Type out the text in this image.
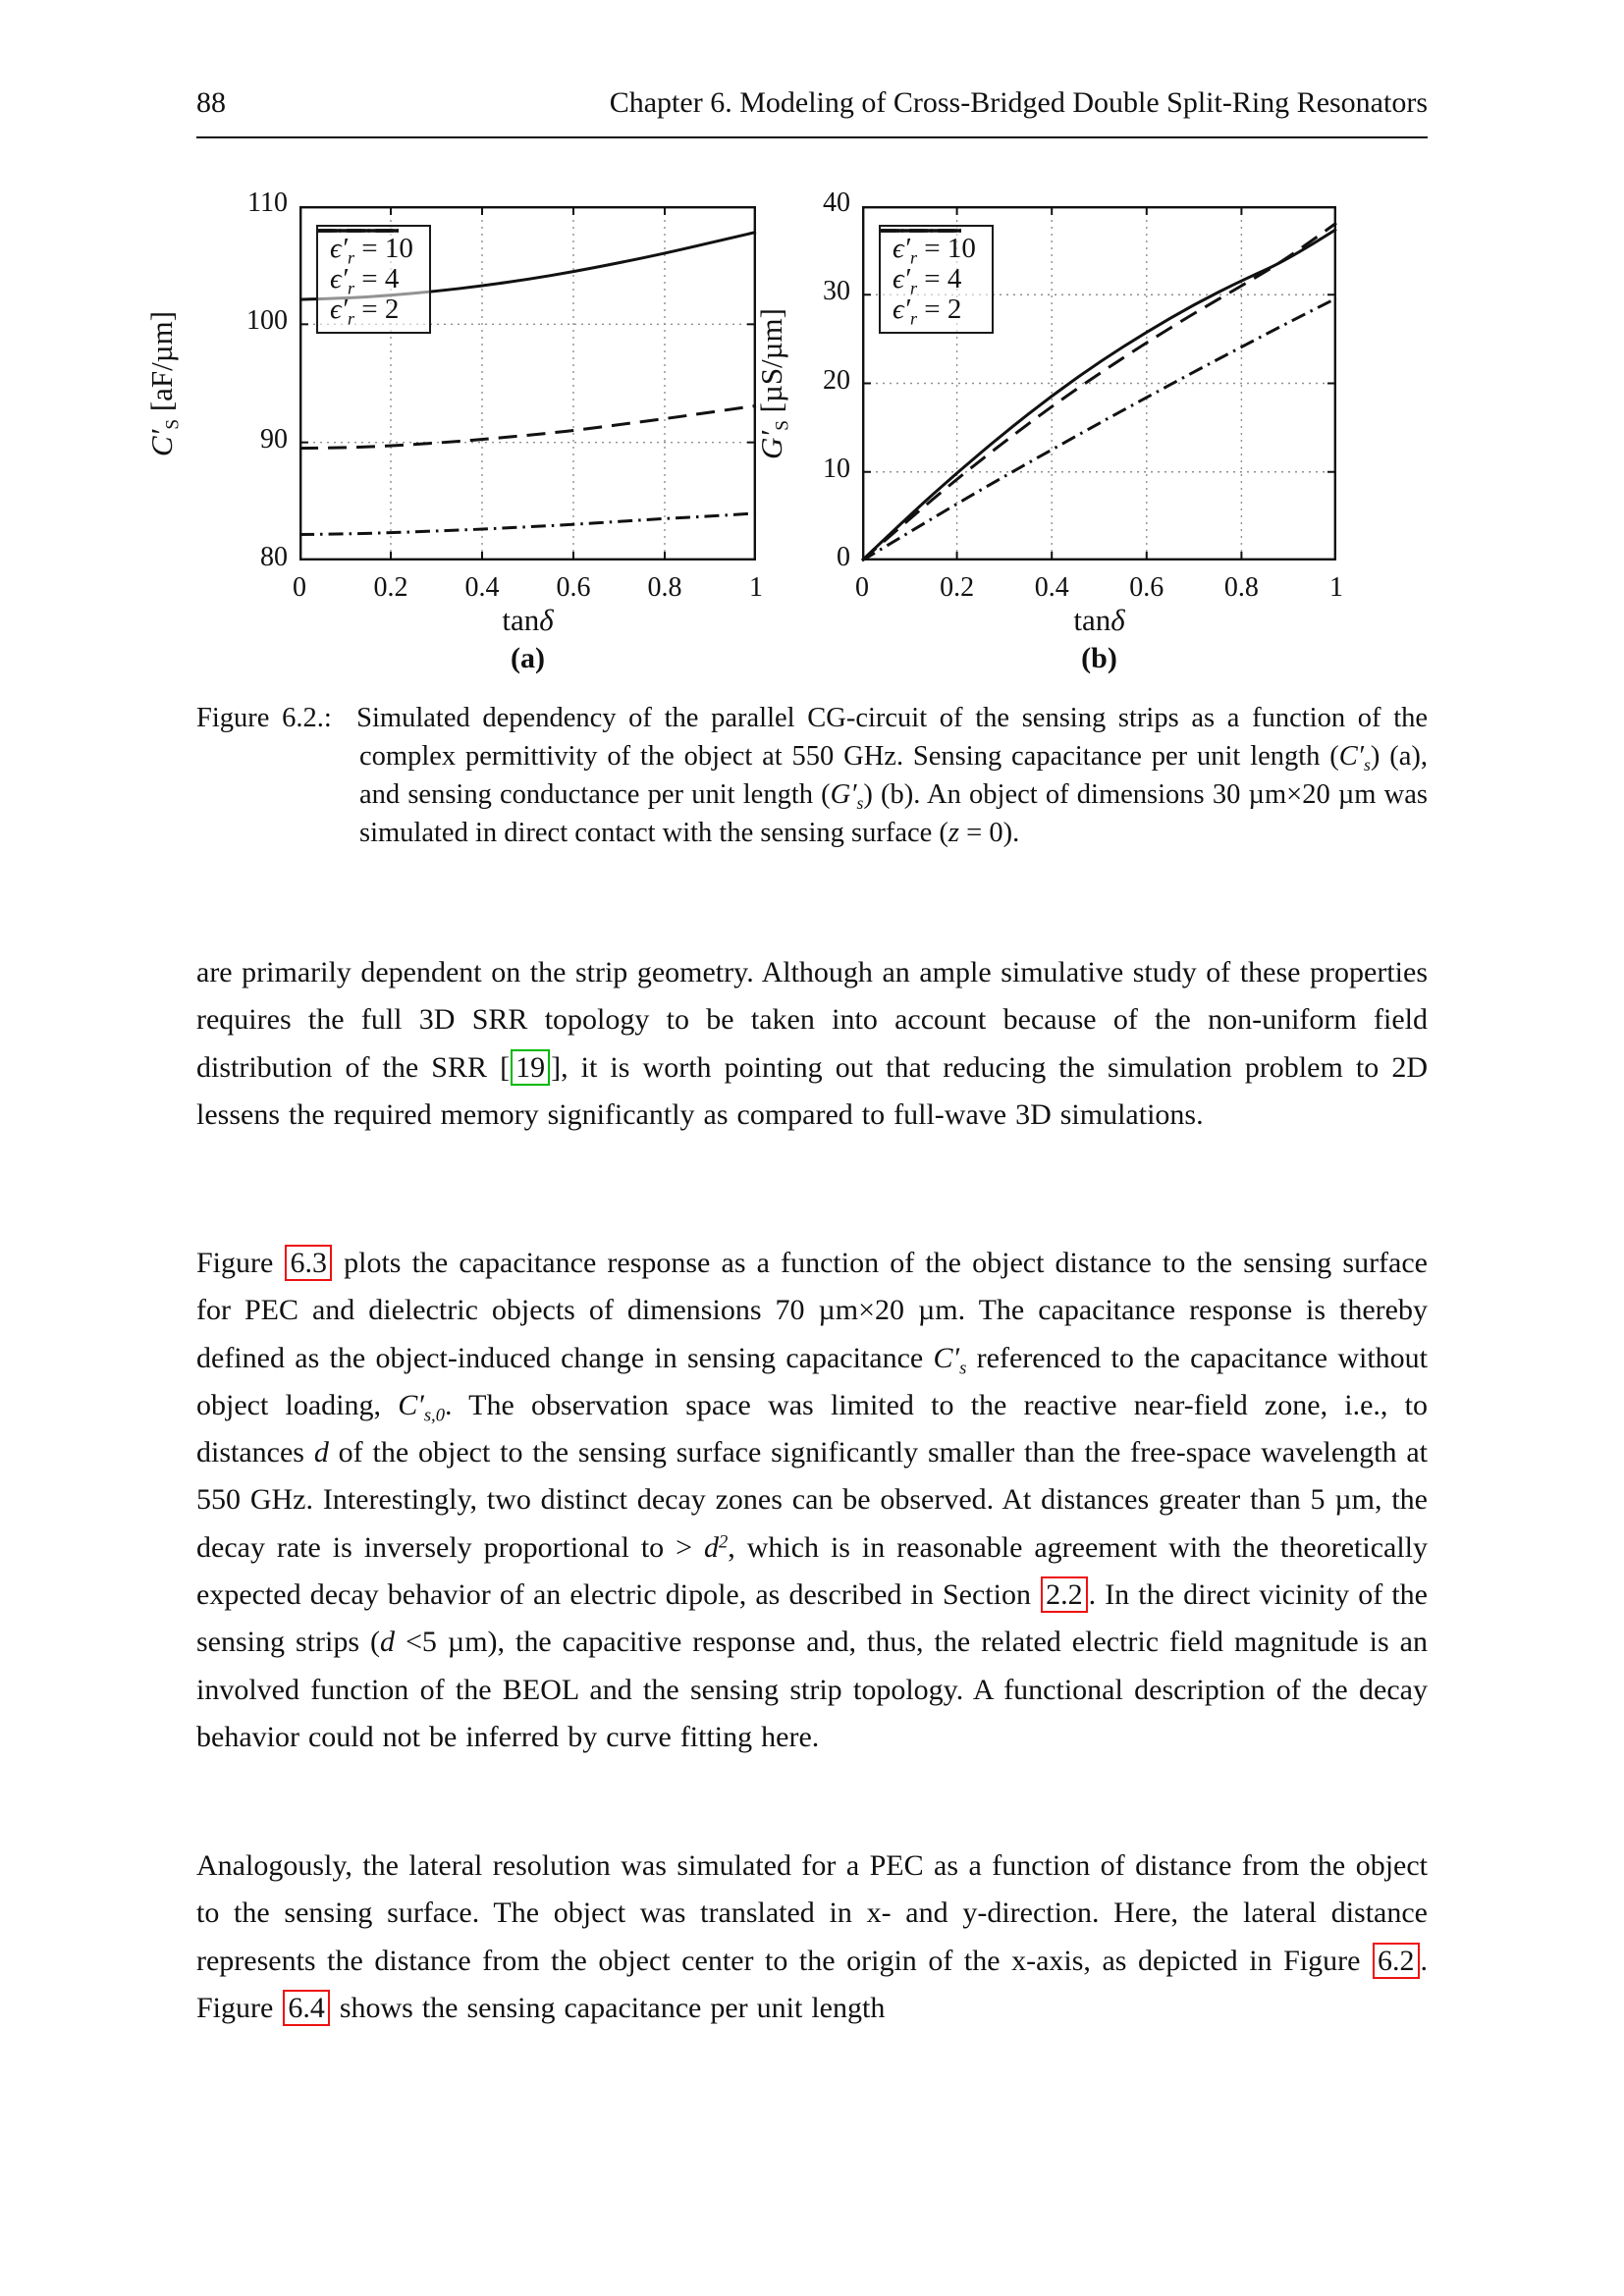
88	Chapter 6. Modeling of Cross-Bridged Double Split-Ring Resonators
0	0.2	0.4	0.6	0.8	1
80
90
100
110
$C'_S$ [aF/µm]
tanδ
$\epsilon'_r = 10$
$\epsilon'_r = 4$
$\epsilon'_r = 2$
0	0.2	0.4	0.6	0.8	1
0
10
20
30
40
$G'_S$ [µS/µm]
tanδ
$\epsilon'_r = 10$
$\epsilon'_r = 4$
$\epsilon'_r = 2$
(a)	(b)
Figure 6.2.: Simulated dependency of the parallel CG-circuit of the sensing strips as a function of the complex permittivity of the object at 550 GHz. Sensing capacitance per unit length $(C'_s)$ (a), and sensing conductance per unit length $(G'_s)$ (b). An object of dimensions 30 µm×20 µm was simulated in direct contact with the sensing surface (z = 0).

are primarily dependent on the strip geometry. Although an ample simulative study of these properties requires the full 3D SRR topology to be taken into account because of the non-uniform field distribution of the SRR [ 19 ], it is worth pointing out that reducing the simulation problem to 2D lessens the required memory significantly as compared to full-wave 3D simulations.

Figure 6.3 plots the capacitance response as a function of the object distance to the sensing surface for PEC and dielectric objects of dimensions 70 µm×20 µm. The capacitance response is thereby defined as the object-induced change in sensing capacitance $C'_s$ referenced to the capacitance without object loading, $C'_{s,0}$. The observation space was limited to the reactive near-field zone, i.e., to distances d of the object to the sensing surface significantly smaller than the free-space wavelength at 550 GHz. Interestingly, two distinct decay zones can be observed. At distances greater than 5 µm, the decay rate is inversely proportional to > $d^2$, which is in reasonable agreement with the theoretically expected decay behavior of an electric dipole, as described in Section 2.2 . In the direct vicinity of the sensing strips (d <5 µm), the capacitive response and, thus, the related electric field magnitude is an involved function of the BEOL and the sensing strip topology. A functional description of the decay behavior could not be inferred by curve fitting here.

Analogously, the lateral resolution was simulated for a PEC as a function of distance from the object to the sensing surface. The object was translated in x- and y-direction. Here, the lateral distance represents the distance from the object center to the origin of the x-axis, as depicted in Figure 6.2 . Figure 6.4 shows the sensing capacitance per unit length
